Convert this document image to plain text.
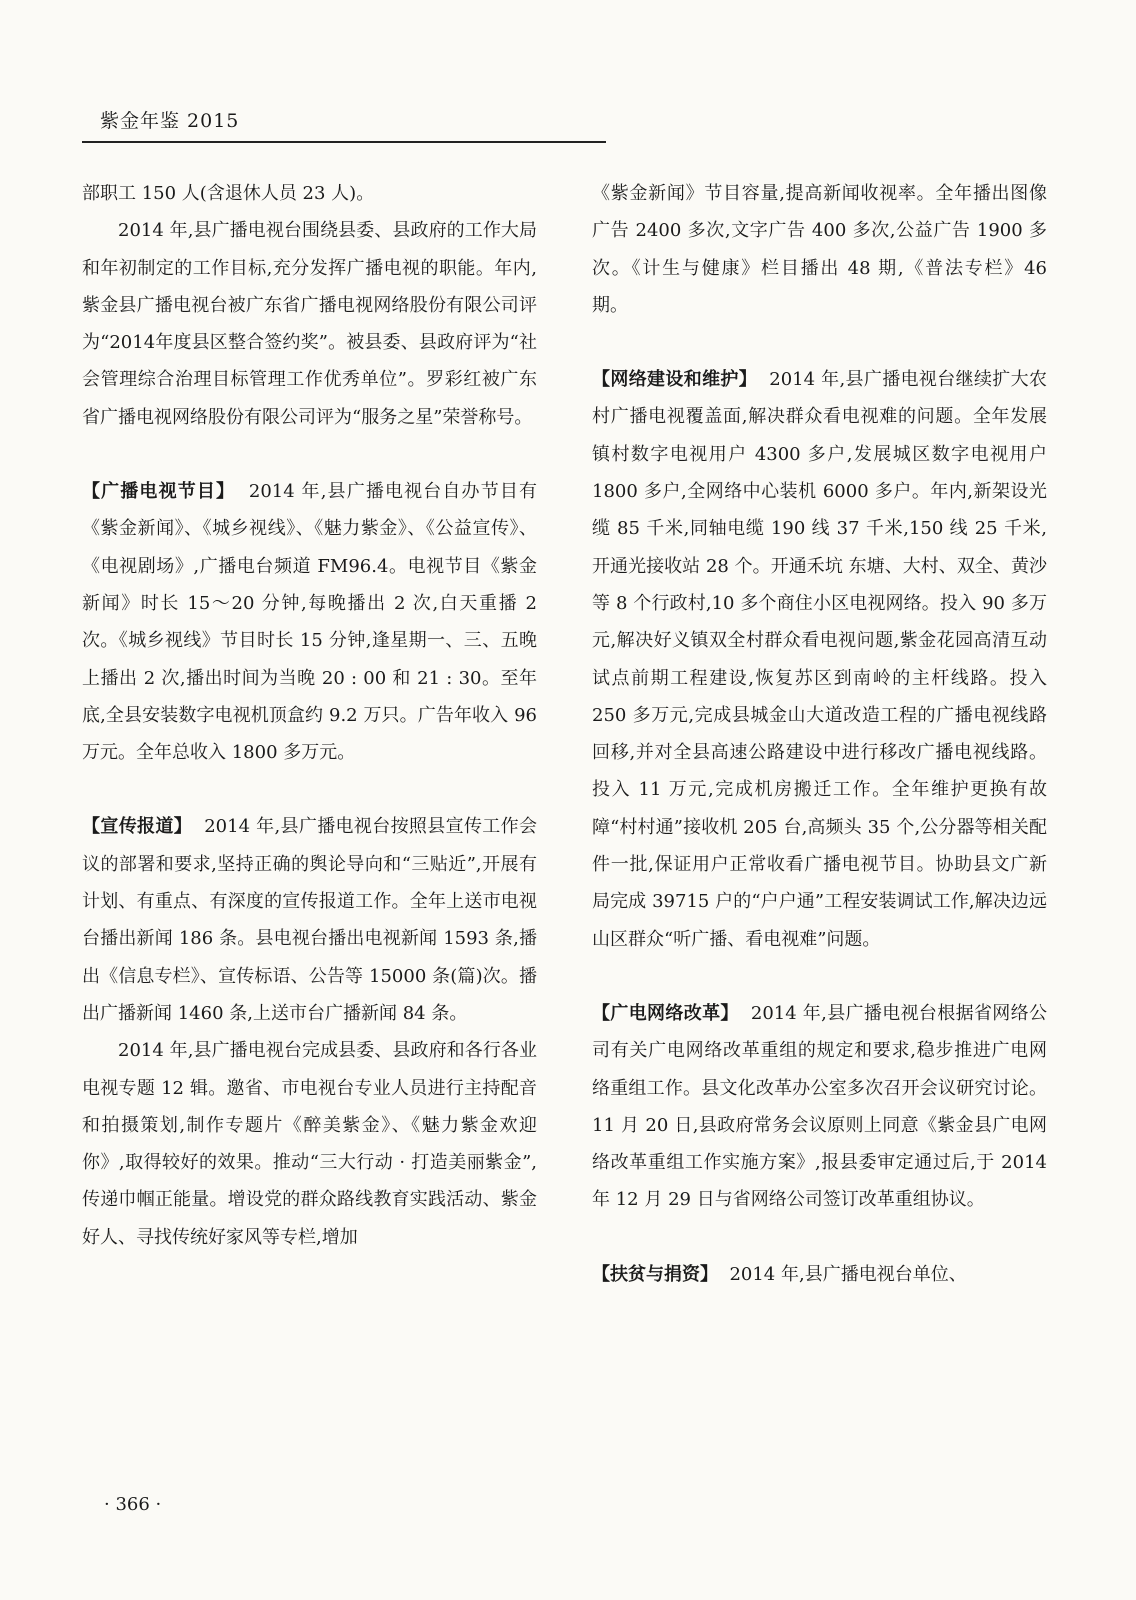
紫金年鉴 2015

部职工 150 人(含退休人员 23 人)。

2014 年,县广播电视台围绕县委、县政府的工作大局和年初制定的工作目标,充分发挥广播电视的职能。年内,紫金县广播电视台被广东省广播电视网络股份有限公司评为“2014年度县区整合签约奖”。被县委、县政府评为“社会管理综合治理目标管理工作优秀单位”。罗彩红被广东省广播电视网络股份有限公司评为“服务之星”荣誉称号。

【广播电视节目】 2014 年,县广播电视台自办节目有《紫金新闻》、《城乡视线》、《魅力紫金》、《公益宣传》、《电视剧场》,广播电台频道 FM96.4。电视节目《紫金新闻》时长 15～20 分钟,每晚播出 2 次,白天重播 2 次。《城乡视线》节目时长 15 分钟,逢星期一、三、五晚上播出 2 次,播出时间为当晚 20 : 00 和 21 : 30。至年底,全县安装数字电视机顶盒约 9.2 万只。广告年收入 96 万元。全年总收入 1800 多万元。

【宣传报道】 2014 年,县广播电视台按照县宣传工作会议的部署和要求,坚持正确的舆论导向和“三贴近”,开展有计划、有重点、有深度的宣传报道工作。全年上送市电视台播出新闻 186 条。县电视台播出电视新闻 1593 条,播出《信息专栏》、宣传标语、公告等 15000 条(篇)次。播出广播新闻 1460 条,上送市台广播新闻 84 条。

2014 年,县广播电视台完成县委、县政府和各行各业电视专题 12 辑。邀省、市电视台专业人员进行主持配音和拍摄策划,制作专题片《醉美紫金》、《魅力紫金欢迎你》,取得较好的效果。推动“三大行动 · 打造美丽紫金”,传递巾帼正能量。增设党的群众路线教育实践活动、紫金好人、寻找传统好家风等专栏,增加

《紫金新闻》节目容量,提高新闻收视率。全年播出图像广告 2400 多次,文字广告 400 多次,公益广告 1900 多次。《计生与健康》栏目播出 48 期,《普法专栏》46 期。

【网络建设和维护】 2014 年,县广播电视台继续扩大农村广播电视覆盖面,解决群众看电视难的问题。全年发展镇村数字电视用户 4300 多户,发展城区数字电视用户 1800 多户,全网络中心装机 6000 多户。年内,新架设光缆 85 千米,同轴电缆 190 线 37 千米,150 线 25 千米,开通光接收站 28 个。开通禾坑 东塘、大村、双全、黄沙等 8 个行政村,10 多个商住小区电视网络。投入 90 多万元,解决好义镇双全村群众看电视问题,紫金花园高清互动试点前期工程建设,恢复苏区到南岭的主杆线路。投入 250 多万元,完成县城金山大道改造工程的广播电视线路回移,并对全县高速公路建设中进行移改广播电视线路。投入 11 万元,完成机房搬迁工作。全年维护更换有故障“村村通”接收机 205 台,高频头 35 个,公分器等相关配件一批,保证用户正常收看广播电视节目。协助县文广新局完成 39715 户的“户户通”工程安装调试工作,解决边远山区群众“听广播、看电视难”问题。

【广电网络改革】 2014 年,县广播电视台根据省网络公司有关广电网络改革重组的规定和要求,稳步推进广电网络重组工作。县文化改革办公室多次召开会议研究讨论。11 月 20 日,县政府常务会议原则上同意《紫金县广电网络改革重组工作实施方案》,报县委审定通过后,于 2014 年 12 月 29 日与省网络公司签订改革重组协议。

【扶贫与捐资】 2014 年,县广播电视台单位、

· 366 ·
